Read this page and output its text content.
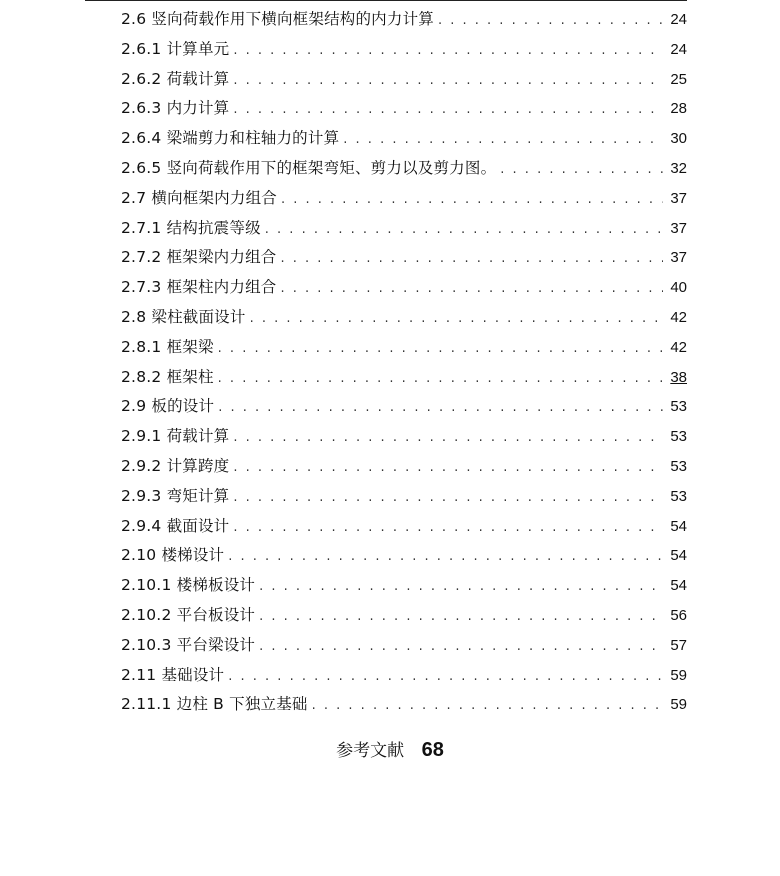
2.6 竖向荷载作用下横向框架结构的内力计算 . . .	24
2.6.1 计算单元 . . .	24
2.6.2 荷载计算 . . .	25
2.6.3 内力计算 . . .	28
2.6.4 梁端剪力和柱轴力的计算 . . .	30
2.6.5 竖向荷载作用下的框架弯矩、剪力以及剪力图。 . . .	32
2.7 横向框架内力组合 . . .	37
2.7.1 结构抗震等级 . . .	37
2.7.2 框架梁内力组合 . . .	37
2.7.3 框架柱内力组合 . . .	40
2.8 梁柱截面设计 . . .	42
2.8.1 框架梁 . . .	42
2.8.2 框架柱 . . .	38
2.9 板的设计 . . .	53
2.9.1 荷载计算 . . .	53
2.9.2 计算跨度 . . .	53
2.9.3 弯矩计算 . . .	53
2.9.4 截面设计 . . .	54
2.10 楼梯设计 . . .	54
2.10.1 楼梯板设计 . . .	54
2.10.2 平台板设计 . . .	56
2.10.3 平台梁设计 . . .	57
2.11 基础设计 . . .	59
2.11.1 边柱 B 下独立基础 . . .	59
参考文献 68
